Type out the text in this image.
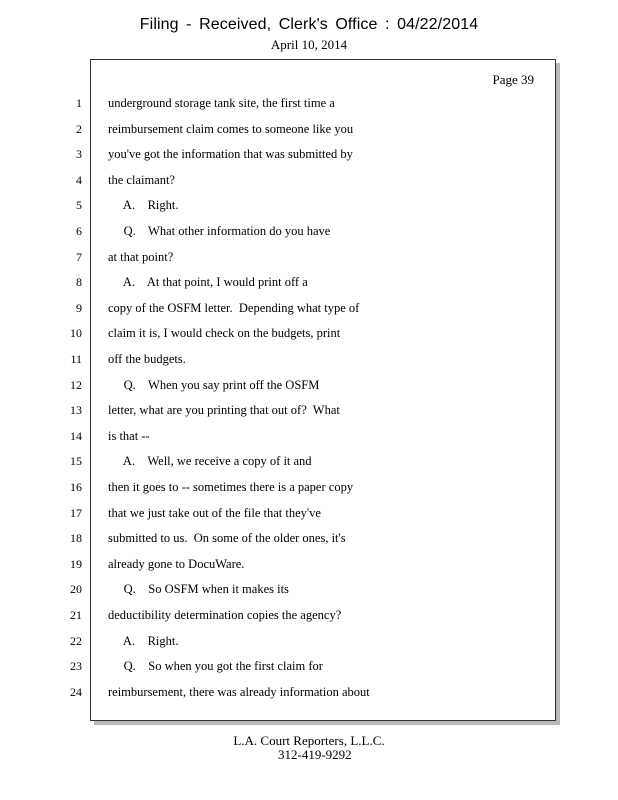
Filing - Received, Clerk's Office : 04/22/2014
April 10, 2014
Page 39
1 underground storage tank site, the first time a
2 reimbursement claim comes to someone like you
3 you've got the information that was submitted by
4 the claimant?
5 A.    Right.
6 Q.    What other information do you have
7 at that point?
8 A.    At that point, I would print off a
9 copy of the OSFM letter.  Depending what type of
10 claim it is, I would check on the budgets, print
11 off the budgets.
12 Q.    When you say print off the OSFM
13 letter, what are you printing that out of?  What
14 is that --
15 A.    Well, we receive a copy of it and
16 then it goes to -- sometimes there is a paper copy
17 that we just take out of the file that they've
18 submitted to us.  On some of the older ones, it's
19 already gone to DocuWare.
20 Q.    So OSFM when it makes its
21 deductibility determination copies the agency?
22 A.    Right.
23 Q.    So when you got the first claim for
24 reimbursement, there was already information about
L.A. Court Reporters, L.L.C.
312-419-9292
